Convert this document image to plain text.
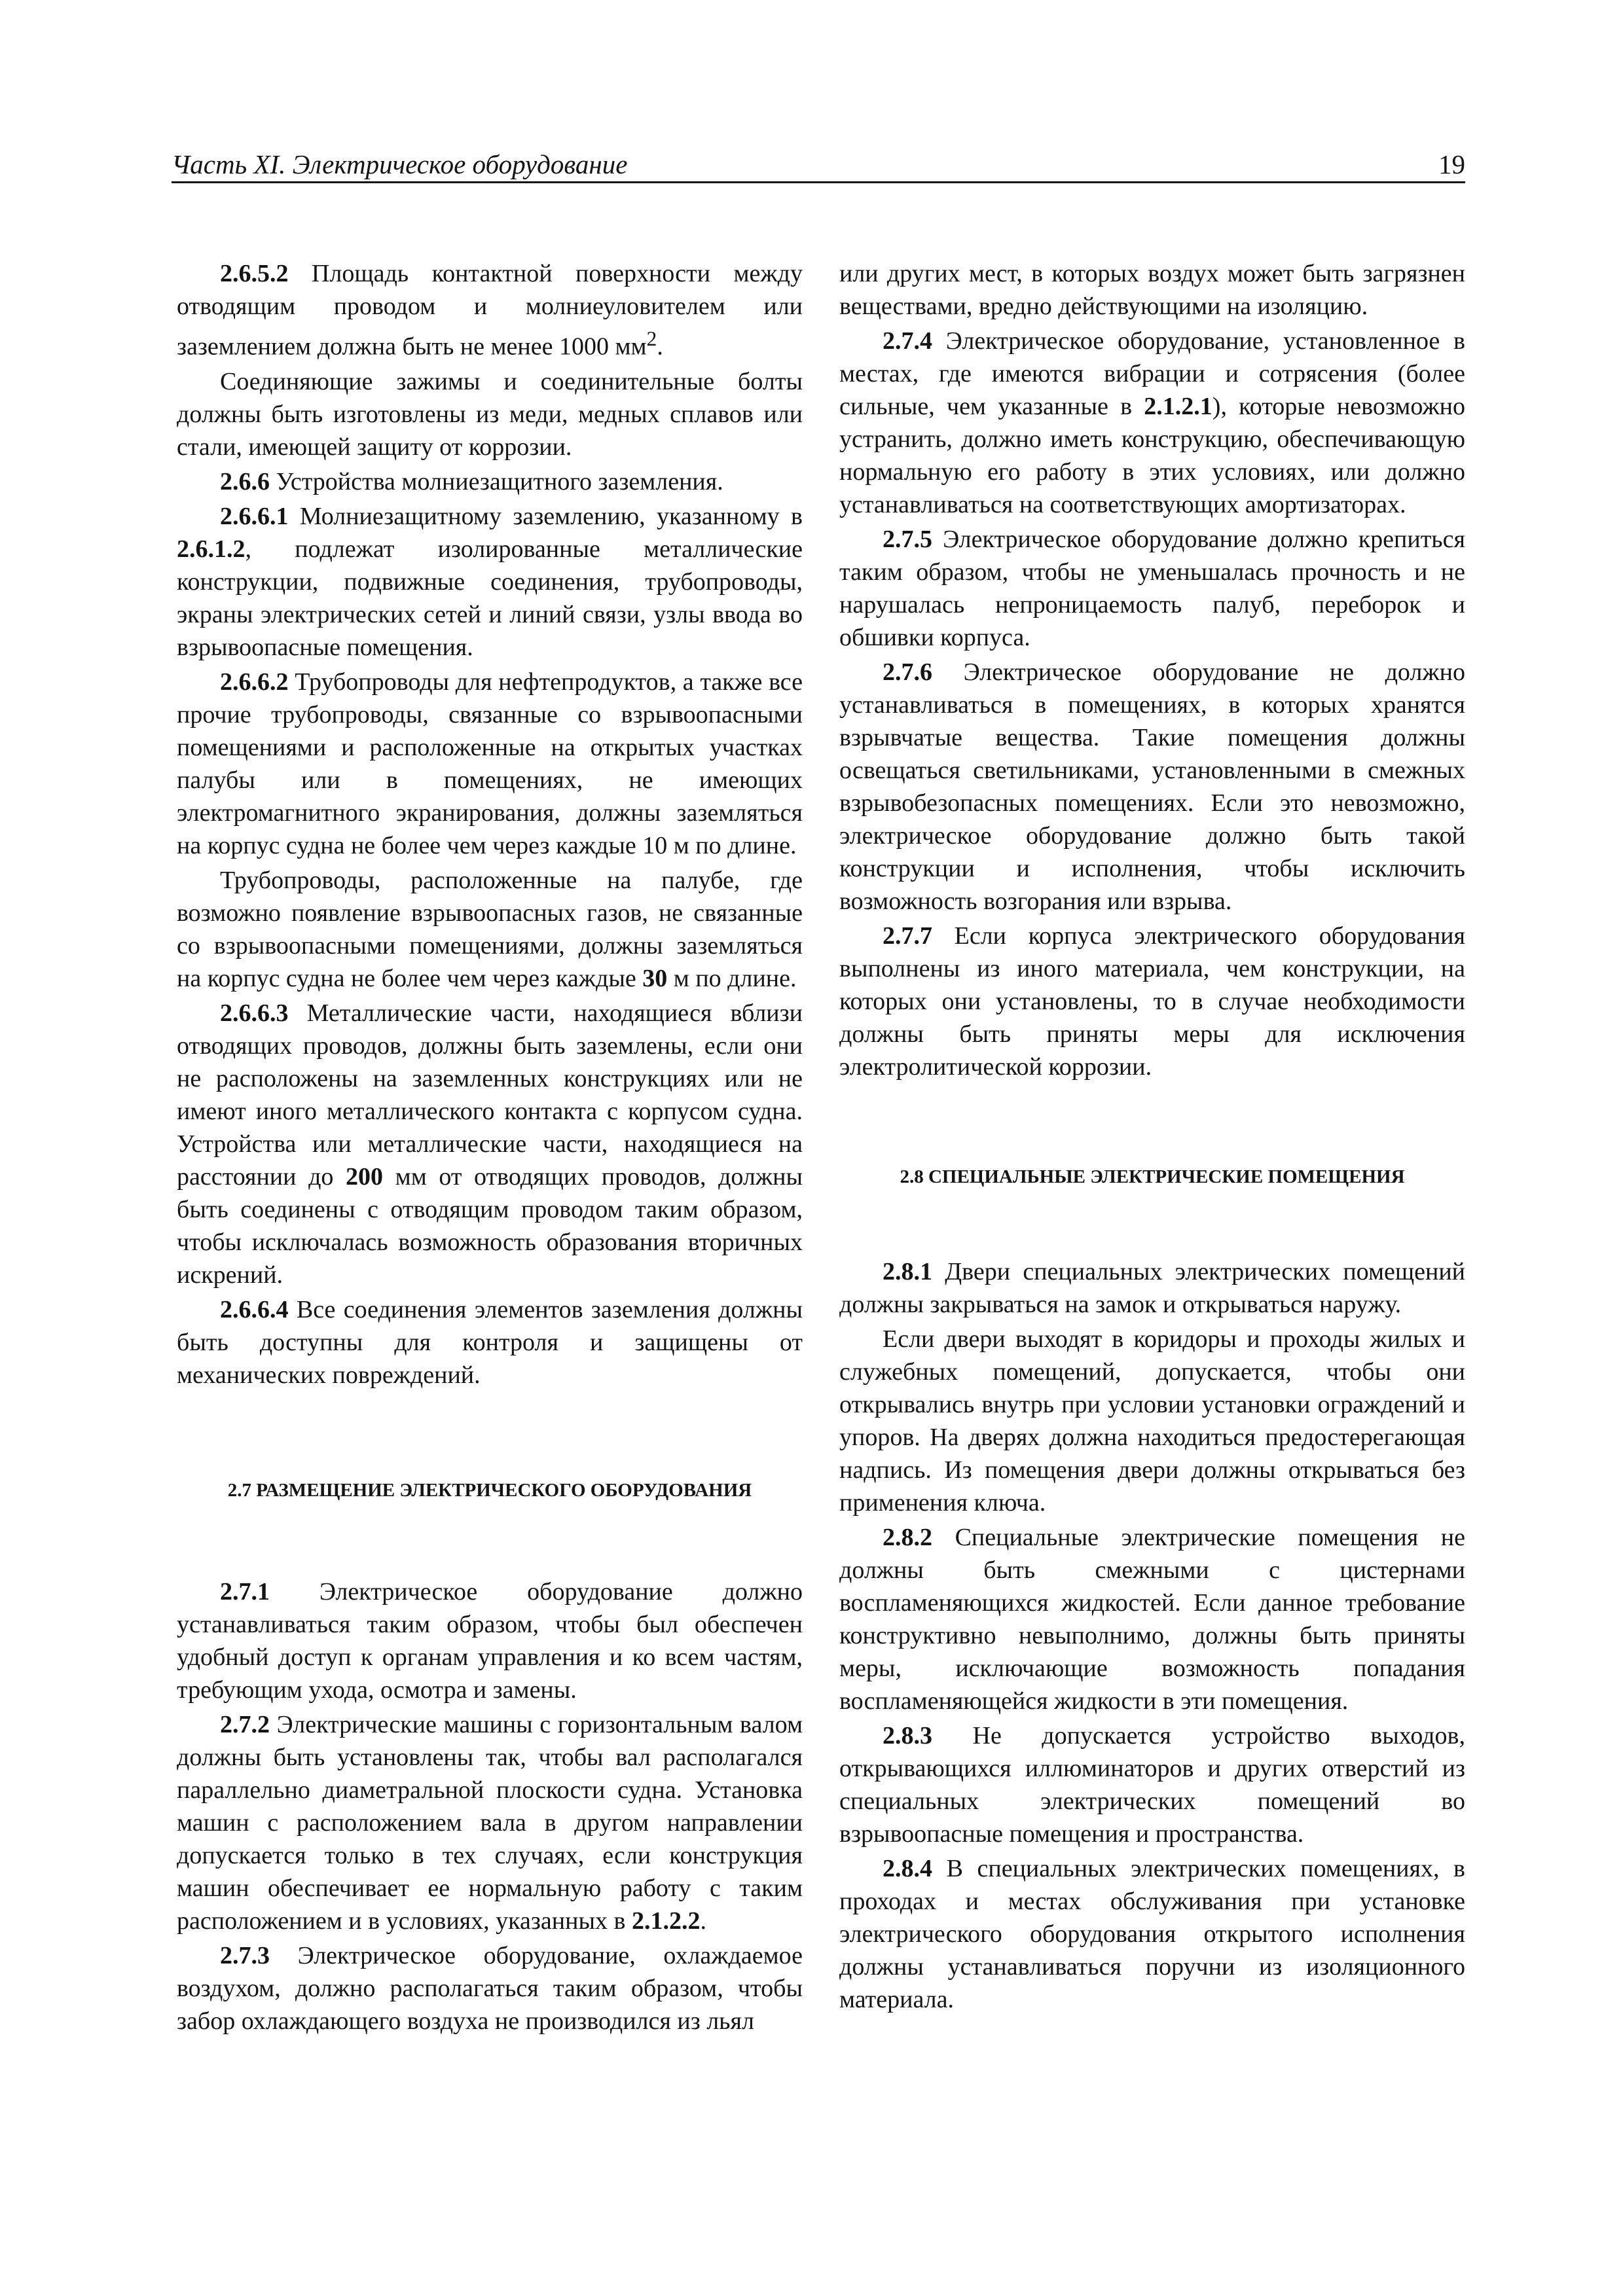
Часть XI. Электрическое оборудование	19

2.6.5.2 Площадь контактной поверхности между отводящим проводом и молниеуловителем или заземлением должна быть не менее 1000 $мм^2$.

Соединяющие зажимы и соединительные болты должны быть изготовлены из меди, медных сплавов или стали, имеющей защиту от коррозии.

2.6.6 Устройства молниезащитного заземления.

2.6.6.1 Молниезащитному заземлению, указанному в 2.6.1.2, подлежат изолированные металлические конструкции, подвижные соединения, трубопроводы, экраны электрических сетей и линий связи, узлы ввода во взрывоопасные помещения.

2.6.6.2 Трубопроводы для нефтепродуктов, а также все прочие трубопроводы, связанные со взрывоопасными помещениями и расположенные на открытых участках палубы или в помещениях, не имеющих электромагнитного экранирования, должны заземляться на корпус судна не более чем через каждые 10 м по длине.

Трубопроводы, расположенные на палубе, где возможно появление взрывоопасных газов, не связанные со взрывоопасными помещениями, должны заземляться на корпус судна не более чем через каждые 30 м по длине.

2.6.6.3 Металлические части, находящиеся вблизи отводящих проводов, должны быть заземлены, если они не расположены на заземленных конструкциях или не имеют иного металлического контакта с корпусом судна. Устройства или металлические части, находящиеся на расстоянии до 200 мм от отводящих проводов, должны быть соединены с отводящим проводом таким образом, чтобы исключалась возможность образования вторичных искрений.

2.6.6.4 Все соединения элементов заземления должны быть доступны для контроля и защищены от механических повреждений.

2.7 РАЗМЕЩЕНИЕ ЭЛЕКТРИЧЕСКОГО ОБОРУДОВАНИЯ

2.7.1 Электрическое оборудование должно устанавливаться таким образом, чтобы был обеспечен удобный доступ к органам управления и ко всем частям, требующим ухода, осмотра и замены.

2.7.2 Электрические машины с горизонтальным валом должны быть установлены так, чтобы вал располагался параллельно диаметральной плоскости судна. Установка машин с расположением вала в другом направлении допускается только в тех случаях, если конструкция машин обеспечивает ее нормальную работу с таким расположением и в условиях, указанных в 2.1.2.2.

2.7.3 Электрическое оборудование, охлаждаемое воздухом, должно располагаться таким образом, чтобы забор охлаждающего воздуха не производился из льял

или других мест, в которых воздух может быть загрязнен веществами, вредно действующими на изоляцию.

2.7.4 Электрическое оборудование, установленное в местах, где имеются вибрации и сотрясения (более сильные, чем указанные в 2.1.2.1), которые невозможно устранить, должно иметь конструкцию, обеспечивающую нормальную его работу в этих условиях, или должно устанавливаться на соответствующих амортизаторах.

2.7.5 Электрическое оборудование должно крепиться таким образом, чтобы не уменьшалась прочность и не нарушалась непроницаемость палуб, переборок и обшивки корпуса.

2.7.6 Электрическое оборудование не должно устанавливаться в помещениях, в которых хранятся взрывчатые вещества. Такие помещения должны освещаться светильниками, установленными в смежных взрывобезопасных помещениях. Если это невозможно, электрическое оборудование должно быть такой конструкции и исполнения, чтобы исключить возможность возгорания или взрыва.

2.7.7 Если корпуса электрического оборудования выполнены из иного материала, чем конструкции, на которых они установлены, то в случае необходимости должны быть приняты меры для исключения электролитической коррозии.

2.8 СПЕЦИАЛЬНЫЕ ЭЛЕКТРИЧЕСКИЕ ПОМЕЩЕНИЯ

2.8.1 Двери специальных электрических помещений должны закрываться на замок и открываться наружу.

Если двери выходят в коридоры и проходы жилых и служебных помещений, допускается, чтобы они открывались внутрь при условии установки ограждений и упоров. На дверях должна находиться предостерегающая надпись. Из помещения двери должны открываться без применения ключа.

2.8.2 Специальные электрические помещения не должны быть смежными с цистернами воспламеняющихся жидкостей. Если данное требование конструктивно невыполнимо, должны быть приняты меры, исключающие возможность попадания воспламеняющейся жидкости в эти помещения.

2.8.3 Не допускается устройство выходов, открывающихся иллюминаторов и других отверстий из специальных электрических помещений во взрывоопасные помещения и пространства.

2.8.4 В специальных электрических помещениях, в проходах и местах обслуживания при установке электрического оборудования открытого исполнения должны устанавливаться поручни из изоляционного материала.
